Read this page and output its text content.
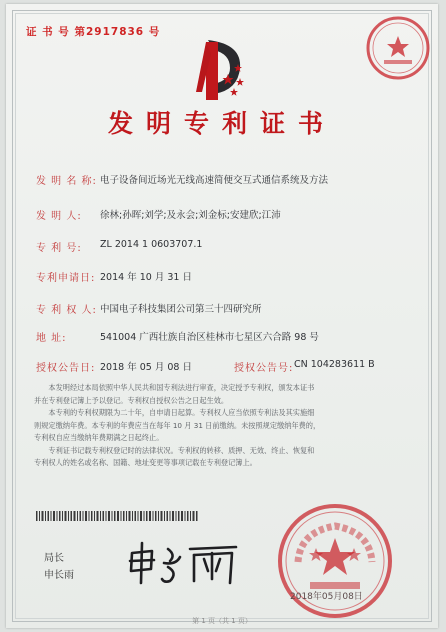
证 书 号 第2917836 号
发明专利证书
发 明 名 称: 电子设备间近场光无线高速简便交互式通信系统及方法
发 明 人: 徐林;孙晖;刘学;及永会;刘金标;安建欣;江沛
专 利 号: ZL 2014 1 0603707.1
专利申请日: 2014 年 10 月 31 日
专 利 权 人: 中国电子科技集团公司第三十四研究所
地 址:	541004 广西壮族自治区桂林市七星区六合路 98 号
授权公告日: 2018 年 05 月 08 日	授权公告号: CN 104283611 B

本发明经过本局依照中华人民共和国专利法进行审查，决定授予专利权，颁发本证书

并在专利登记簿上予以登记。专利权自授权公告之日起生效。

本专利的专利权期限为二十年，自申请日起算。专利权人应当依照专利法及其实施细

则规定缴纳年费。本专利的年费应当在每年 10 月 31 日前缴纳。未按照规定缴纳年费的，

专利权自应当缴纳年费期满之日起终止。

专利证书记载专利权登记时的法律状况。专利权的转移、质押、无效、终止、恢复和

专利权人的姓名或名称、国籍、地址变更等事项记载在专利登记簿上。

局长
申长雨
2018年05月08日
第 1 页（共 1 页）
